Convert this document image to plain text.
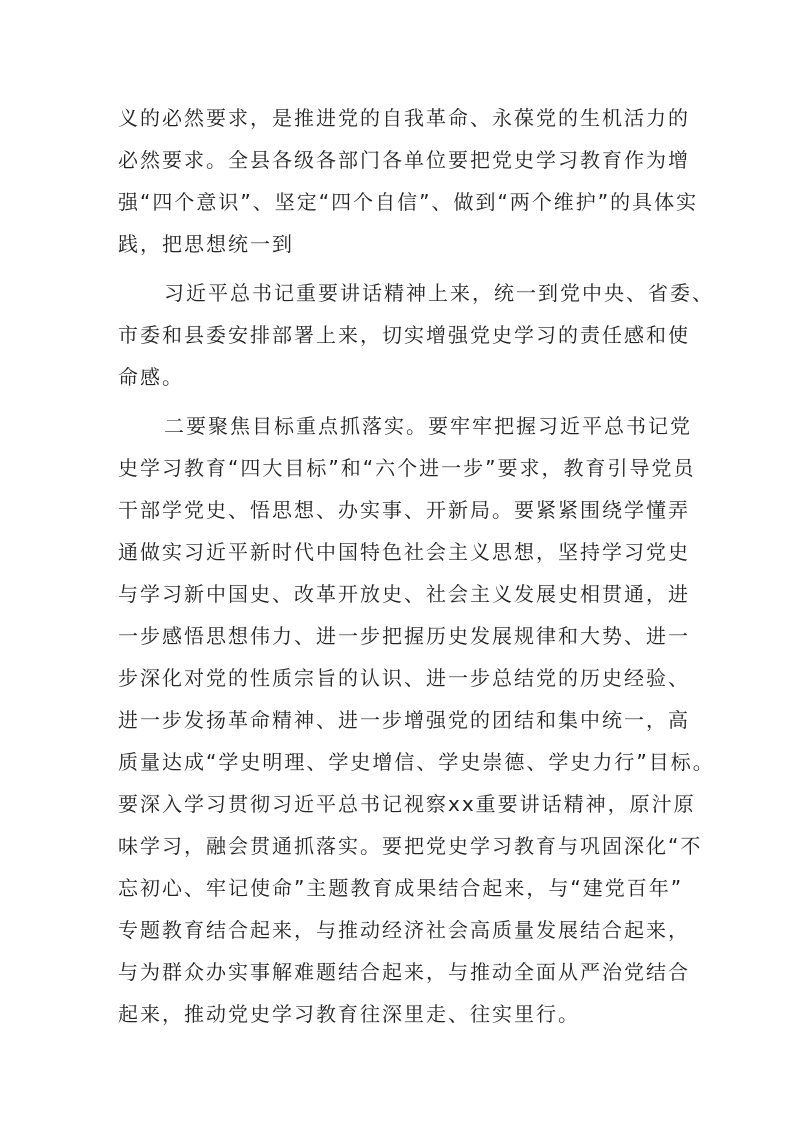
义的必然要求，是推进党的自我革命、永葆党的生机活力的
必然要求。全县各级各部门各单位要把党史学习教育作为增
强“四个意识”、坚定“四个自信”、做到“两个维护”的具体实
践，把思想统一到
习近平总书记重要讲话精神上来，统一到党中央、省委、
市委和县委安排部署上来，切实增强党史学习的责任感和使
命感。
二要聚焦目标重点抓落实。要牢牢把握习近平总书记党
史学习教育“四大目标”和“六个进一步”要求，教育引导党员
干部学党史、悟思想、办实事、开新局。要紧紧围绕学懂弄
通做实习近平新时代中国特色社会主义思想，坚持学习党史
与学习新中国史、改革开放史、社会主义发展史相贯通，进
一步感悟思想伟力、进一步把握历史发展规律和大势、进一
步深化对党的性质宗旨的认识、进一步总结党的历史经验、
进一步发扬革命精神、进一步增强党的团结和集中统一，高
质量达成“学史明理、学史增信、学史崇德、学史力行”目标。
要深入学习贯彻习近平总书记视察xx重要讲话精神，原汁原
味学习，融会贯通抓落实。要把党史学习教育与巩固深化“不
忘初心、牢记使命”主题教育成果结合起来，与“建党百年”
专题教育结合起来，与推动经济社会高质量发展结合起来，
与为群众办实事解难题结合起来，与推动全面从严治党结合
起来，推动党史学习教育往深里走、往实里行。
